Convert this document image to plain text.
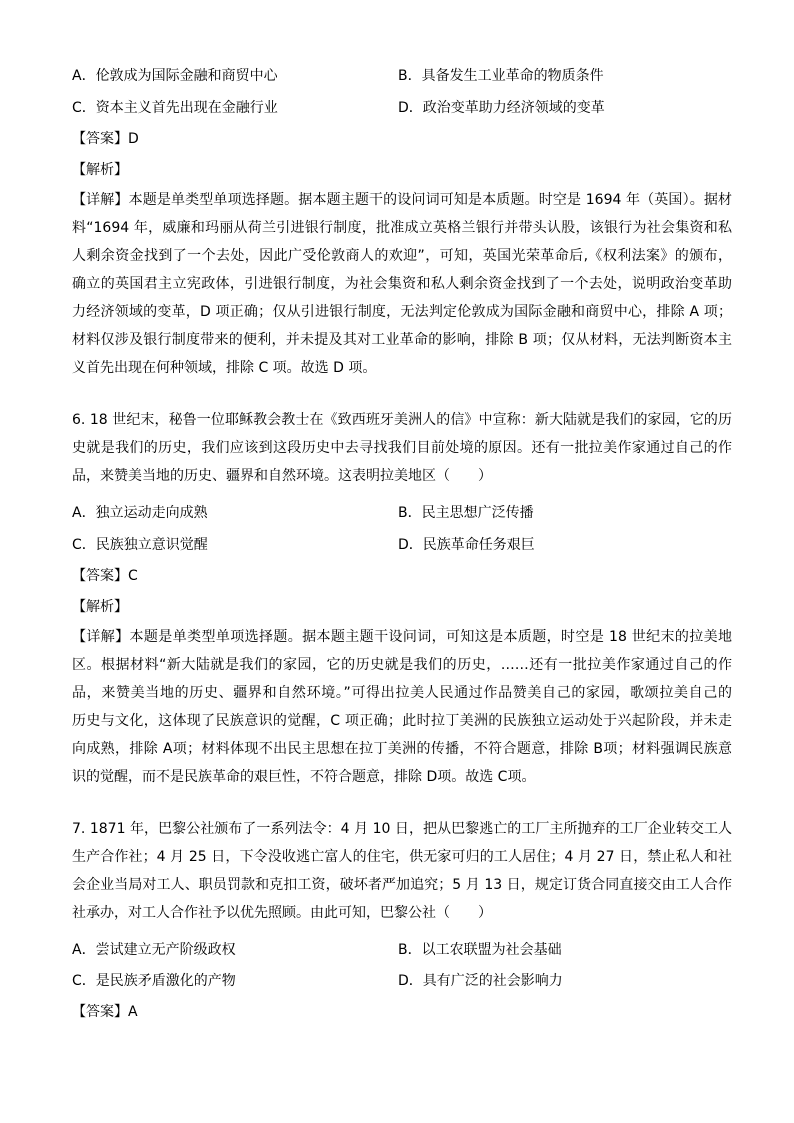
A．伦敦成为国际金融和商贸中心	B．具备发生工业革命的物质条件
C．资本主义首先出现在金融行业	D．政治变革助力经济领域的变革
【答案】D
【解析】
【详解】本题是单类型单项选择题。据本题主题干的设问词可知是本质题。时空是 1694 年（英国）。据材
料“1694 年，威廉和玛丽从荷兰引进银行制度，批准成立英格兰银行并带头认股，该银行为社会集资和私
人剩余资金找到了一个去处，因此广受伦敦商人的欢迎”，可知，英国光荣革命后,《权利法案》的颁布，
确立的英国君主立宪政体，引进银行制度，为社会集资和私人剩余资金找到了一个去处，说明政治变革助
力经济领域的变革，D 项正确；仅从引进银行制度，无法判定伦敦成为国际金融和商贸中心，排除 A 项；
材料仅涉及银行制度带来的便利，并未提及其对工业革命的影响，排除 B 项；仅从材料，无法判断资本主
义首先出现在何种领域，排除 C 项。故选 D 项。
6. 18 世纪末，秘鲁一位耶稣教会教士在《致西班牙美洲人的信》中宣称：新大陆就是我们的家园，它的历
史就是我们的历史，我们应该到这段历史中去寻找我们目前处境的原因。还有一批拉美作家通过自己的作
品，来赞美当地的历史、疆界和自然环境。这表明拉美地区（　　）
A．独立运动走向成熟	B．民主思想广泛传播
C．民族独立意识觉醒	D．民族革命任务艰巨
【答案】C
【解析】
【详解】本题是单类型单项选择题。据本题主题干设问词，可知这是本质题，时空是 18 世纪末的拉美地
区。根据材料“新大陆就是我们的家园，它的历史就是我们的历史，……还有一批拉美作家通过自己的作
品，来赞美当地的历史、疆界和自然环境。”可得出拉美人民通过作品赞美自己的家园，歌颂拉美自己的
历史与文化，这体现了民族意识的觉醒，C 项正确；此时拉丁美洲的民族独立运动处于兴起阶段，并未走
向成熟，排除 A项；材料体现不出民主思想在拉丁美洲的传播，不符合题意，排除 B项；材料强调民族意
识的觉醒，而不是民族革命的艰巨性，不符合题意，排除 D项。故选 C项。
7. 1871 年，巴黎公社颁布了一系列法令：4 月 10 日，把从巴黎逃亡的工厂主所抛弃的工厂企业转交工人
生产合作社；4 月 25 日，下令没收逃亡富人的住宅，供无家可归的工人居住；4 月 27 日，禁止私人和社
会企业当局对工人、职员罚款和克扣工资，破坏者严加追究；5 月 13 日，规定订货合同直接交由工人合作
社承办，对工人合作社予以优先照顾。由此可知，巴黎公社（　　）
A．尝试建立无产阶级政权	B．以工农联盟为社会基础
C．是民族矛盾激化的产物	D．具有广泛的社会影响力
【答案】A
